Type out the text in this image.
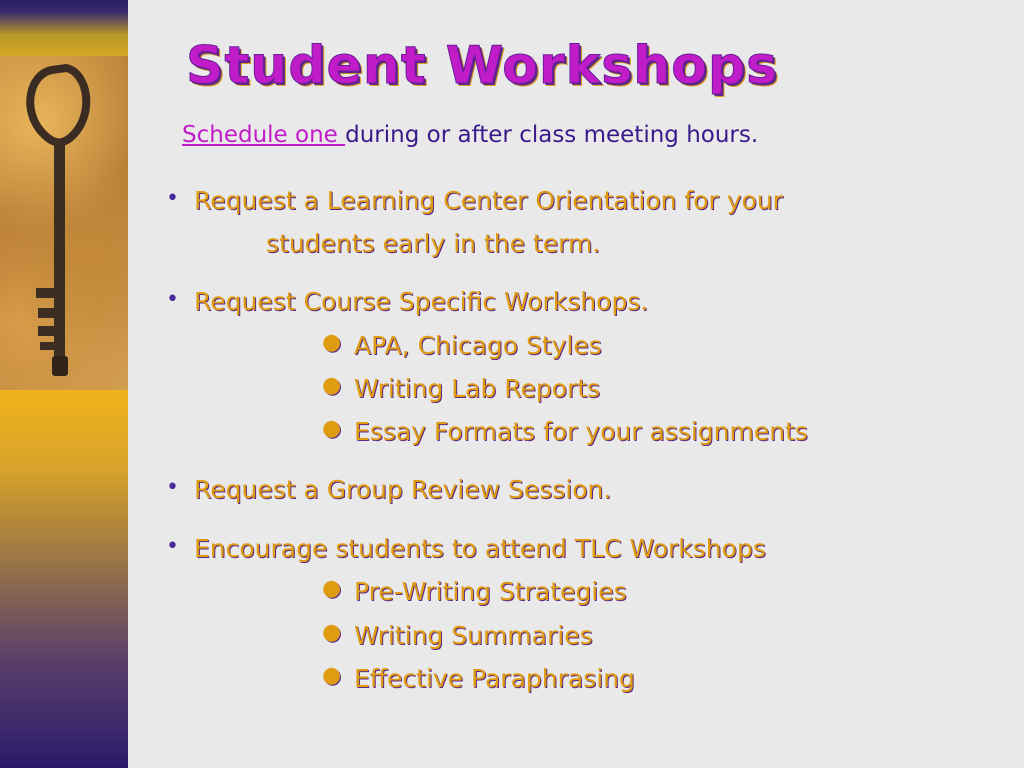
Student Workshops
Schedule one during or after class meeting hours.
• Request a Learning Center Orientation for your
students early in the term.
• Request Course Specific Workshops.
● APA, Chicago Styles
● Writing Lab Reports
● Essay Formats for your assignments
• Request a Group Review Session.
• Encourage students to attend TLC Workshops
● Pre-Writing Strategies
● Writing Summaries
● Effective Paraphrasing
